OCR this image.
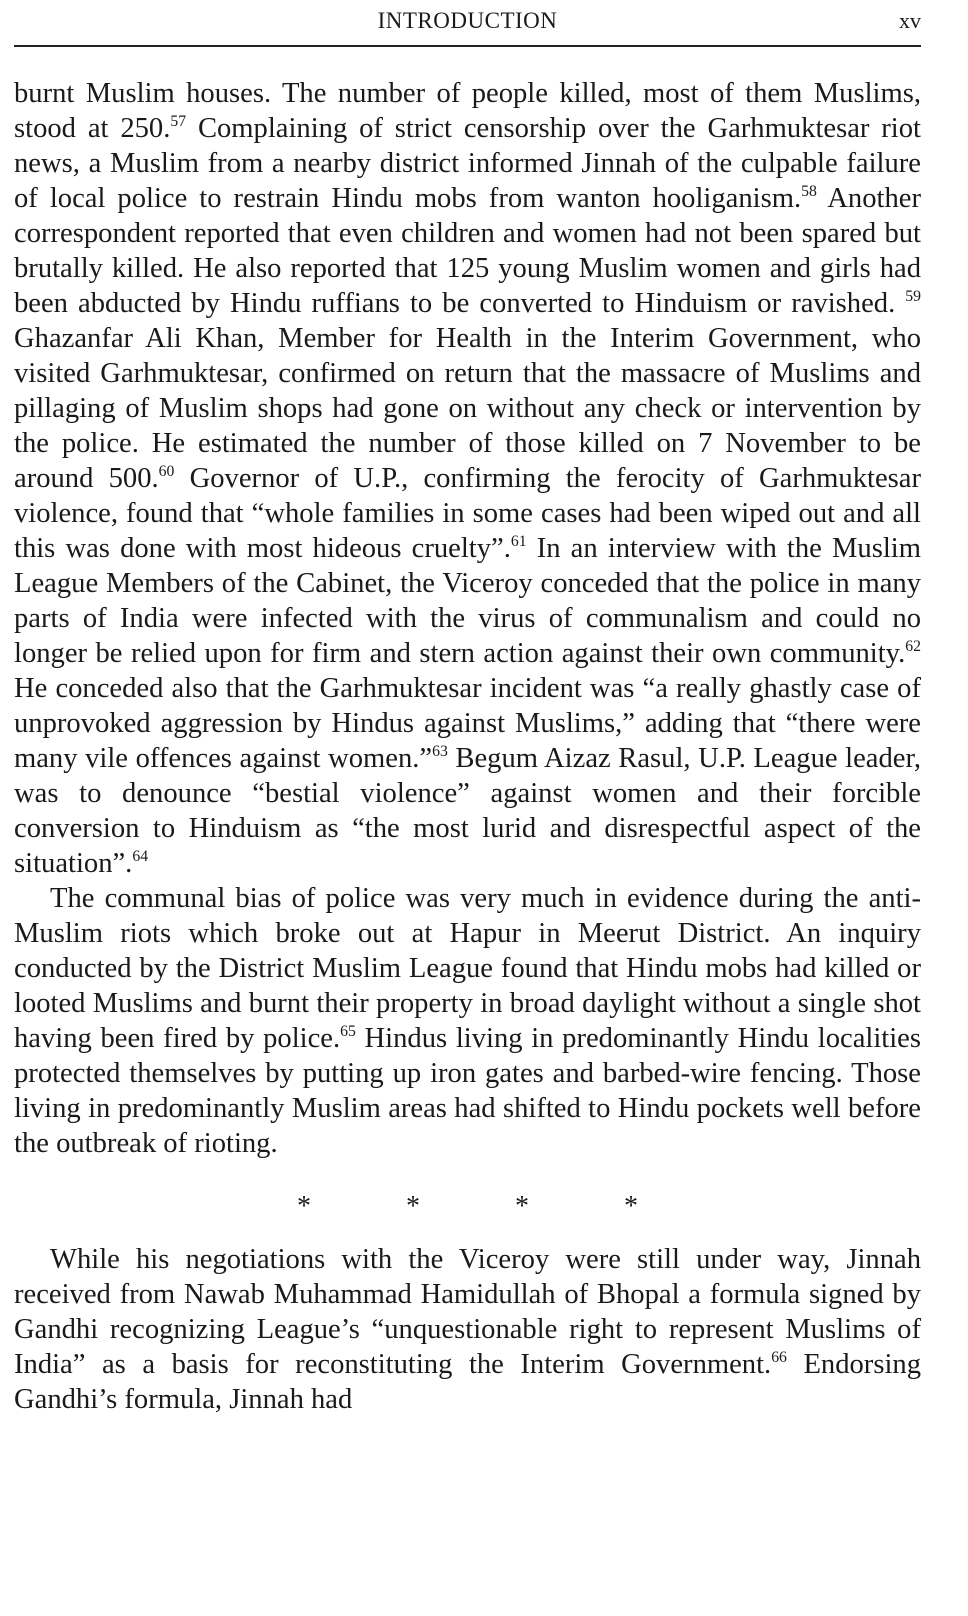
INTRODUCTION	xv

burnt Muslim houses. The number of people killed, most of them Muslims, stood at 250.57 Complaining of strict censorship over the Garhmuktesar riot news, a Muslim from a nearby district informed Jinnah of the culpable failure of local police to restrain Hindu mobs from wanton hooliganism.$^{58}$ Another correspondent reported that even children and women had not been spared but brutally killed. He also reported that 125 young Muslim women and girls had been abducted by Hindu ruffians to be converted to Hinduism or ravished. $^{59}$ Ghazanfar Ali Khan, Member for Health in the Interim Government, who visited Garhmuktesar, confirmed on return that the massacre of Muslims and pillaging of Muslim shops had gone on without any check or intervention by the police. He estimated the number of those killed on 7 November to be around 500.60 Governor of U.P., confirming the ferocity of Garhmuktesar violence, found that “whole families in some cases had been wiped out and all this was done with most hideous cruelty”.$^{61}$ In an interview with the Muslim League Members of the Cabinet, the Viceroy conceded that the police in many parts of India were infected with the virus of communalism and could no longer be relied upon for firm and stern action against their own community.$^{62}$ He conceded also that the Garhmuktesar incident was “a really ghastly case of unprovoked aggression by Hindus against Muslims,” adding that “there were many vile offences against women.”$^{63}$ Begum Aizaz Rasul, U.P. League leader, was to denounce “bestial violence” against women and their forcible conversion to Hinduism as “the most lurid and disrespectful aspect of the situation”.$^{64}$

The communal bias of police was very much in evidence during the anti-Muslim riots which broke out at Hapur in Meerut District. An inquiry conducted by the District Muslim League found that Hindu mobs had killed or looted Muslims and burnt their property in broad daylight without a single shot having been fired by police.$^{65}$ Hindus living in predominantly Hindu localities protected themselves by putting up iron gates and barbed-wire fencing. Those living in predominantly Muslim areas had shifted to Hindu pockets well before the outbreak of rioting.

* * * *

While his negotiations with the Viceroy were still under way, Jinnah received from Nawab Muhammad Hamidullah of Bhopal a formula signed by Gandhi recognizing League’s “unquestionable right to represent Muslims of India” as a basis for reconstituting the Interim Government.$^{66}$ Endorsing Gandhi’s formula, Jinnah had
